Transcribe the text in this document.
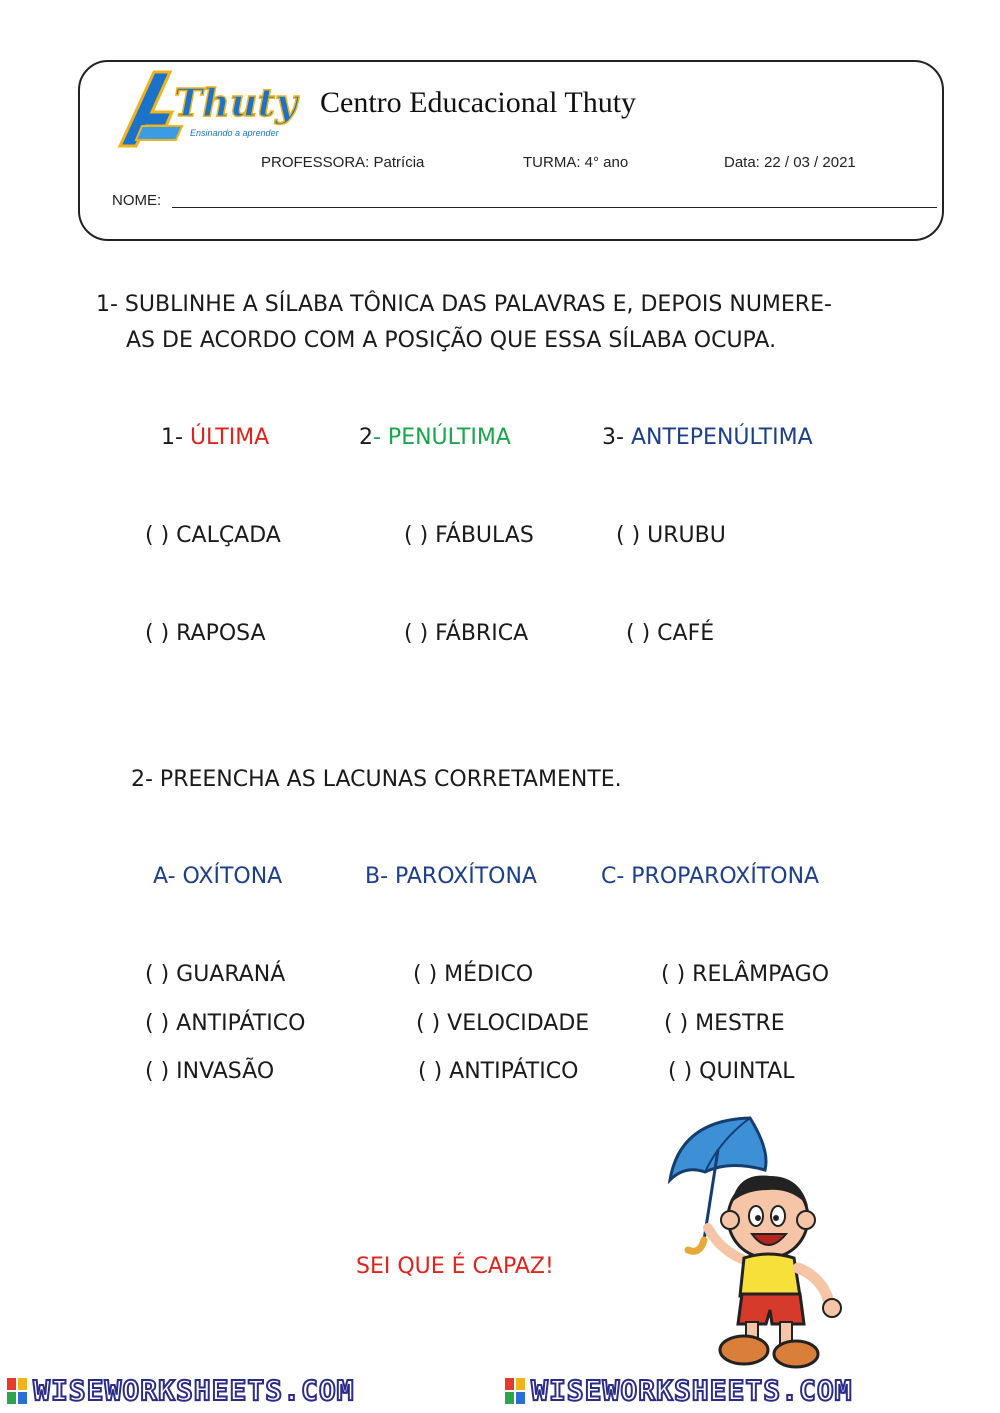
Thuty
Ensinando a aprender
Centro Educacional Thuty
PROFESSORA: Patrícia	TURMA: 4° ano	Data: 22 / 03 / 2021
NOME:
1- SUBLINHE A SÍLABA TÔNICA DAS PALAVRAS E, DEPOIS NUMERE-
AS DE ACORDO COM A POSIÇÃO QUE ESSA SÍLABA OCUPA.
1- ÚLTIMA	2- PENÚLTIMA	3- ANTEPENÚLTIMA
( ) CALÇADA	( ) FÁBULAS	( ) URUBU
( ) RAPOSA	( ) FÁBRICA	( ) CAFÉ
2- PREENCHA AS LACUNAS CORRETAMENTE.
A- OXÍTONA	B- PAROXÍTONA	C- PROPAROXÍTONA
( ) GUARANÁ	( ) MÉDICO	( ) RELÂMPAGO
( ) ANTIPÁTICO	( ) VELOCIDADE	( ) MESTRE
( ) INVASÃO	( ) ANTIPÁTICO	( ) QUINTAL
SEI QUE É CAPAZ!
WISEWORKSHEETS.COM	WISEWORKSHEETS.COM
